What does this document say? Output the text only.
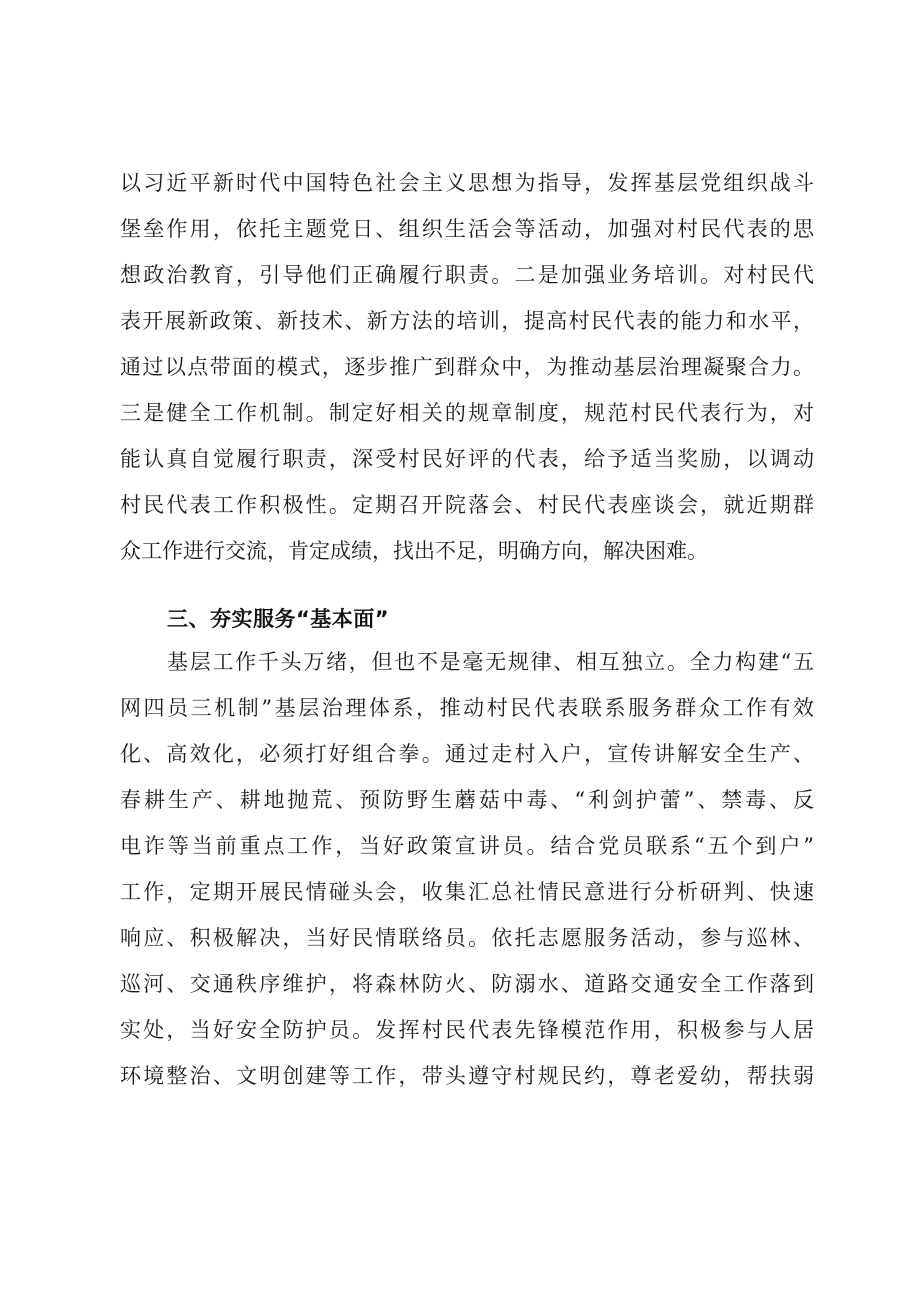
以习近平新时代中国特色社会主义思想为指导，发挥基层党组织战斗
堡垒作用，依托主题党日、组织生活会等活动，加强对村民代表的思
想政治教育，引导他们正确履行职责。二是加强业务培训。对村民代
表开展新政策、新技术、新方法的培训，提高村民代表的能力和水平，
通过以点带面的模式，逐步推广到群众中，为推动基层治理凝聚合力。
三是健全工作机制。制定好相关的规章制度，规范村民代表行为，对
能认真自觉履行职责，深受村民好评的代表，给予适当奖励，以调动
村民代表工作积极性。定期召开院落会、村民代表座谈会，就近期群
众工作进行交流，肯定成绩，找出不足，明确方向，解决困难。
三、夯实服务“基本面”
基层工作千头万绪，但也不是毫无规律、相互独立。全力构建“五
网四员三机制”基层治理体系，推动村民代表联系服务群众工作有效
化、高效化，必须打好组合拳。通过走村入户，宣传讲解安全生产、
春耕生产、耕地抛荒、预防野生蘑菇中毒、“利剑护蕾”、禁毒、反
电诈等当前重点工作，当好政策宣讲员。结合党员联系“五个到户”
工作，定期开展民情碰头会，收集汇总社情民意进行分析研判、快速
响应、积极解决，当好民情联络员。依托志愿服务活动，参与巡林、
巡河、交通秩序维护，将森林防火、防溺水、道路交通安全工作落到
实处，当好安全防护员。发挥村民代表先锋模范作用，积极参与人居
环境整治、文明创建等工作，带头遵守村规民约，尊老爱幼，帮扶弱
